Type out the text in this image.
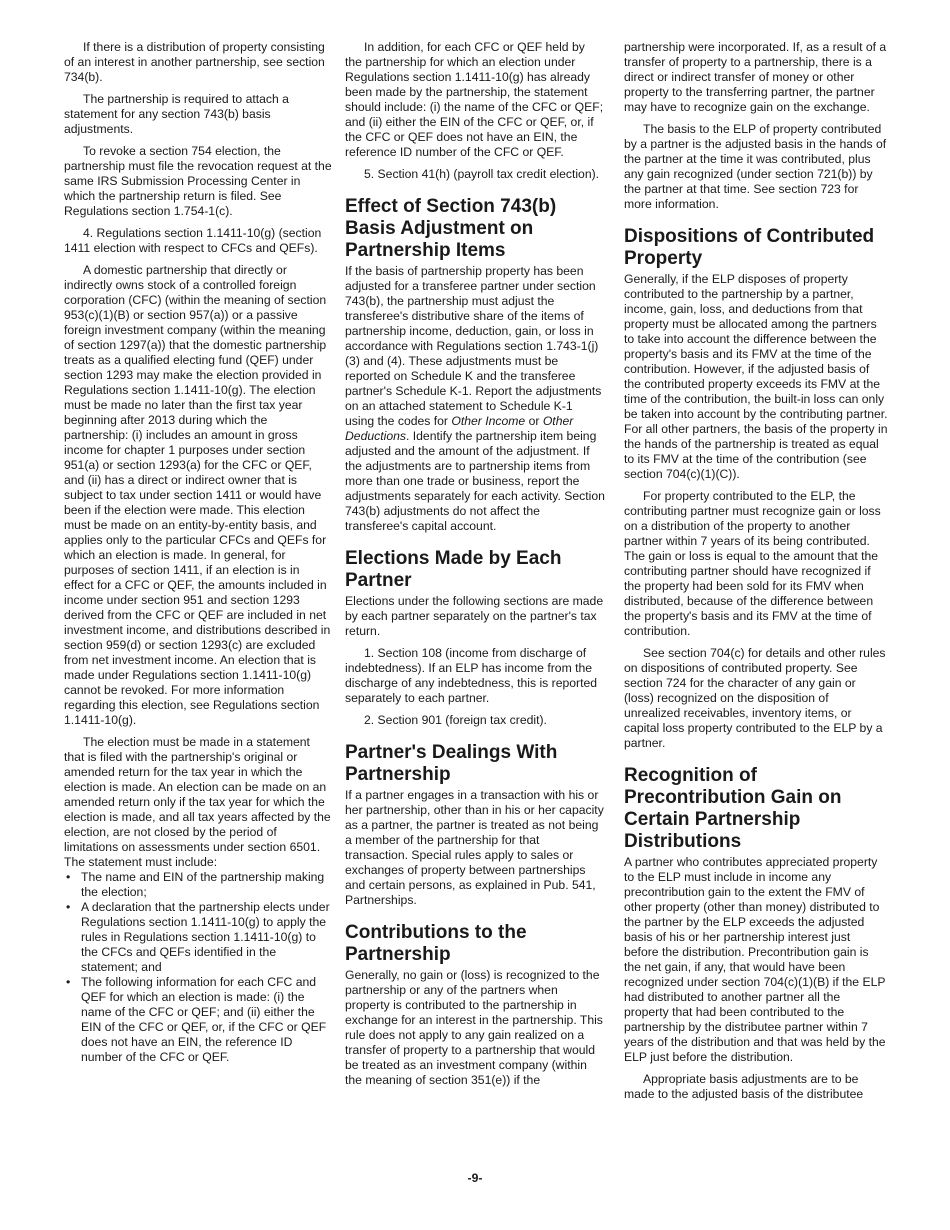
If there is a distribution of property consisting of an interest in another partnership, see section 734(b).

The partnership is required to attach a statement for any section 743(b) basis adjustments.

To revoke a section 754 election, the partnership must file the revocation request at the same IRS Submission Processing Center in which the partnership return is filed. See Regulations section 1.754-1(c).

4. Regulations section 1.1411-10(g) (section 1411 election with respect to CFCs and QEFs).

A domestic partnership that directly or indirectly owns stock of a controlled foreign corporation (CFC) (within the meaning of section 953(c)(1)(B) or section 957(a)) or a passive foreign investment company (within the meaning of section 1297(a)) that the domestic partnership treats as a qualified electing fund (QEF) under section 1293 may make the election provided in Regulations section 1.1411-10(g). The election must be made no later than the first tax year beginning after 2013 during which the partnership: (i) includes an amount in gross income for chapter 1 purposes under section 951(a) or section 1293(a) for the CFC or QEF, and (ii) has a direct or indirect owner that is subject to tax under section 1411 or would have been if the election were made. This election must be made on an entity-by-entity basis, and applies only to the particular CFCs and QEFs for which an election is made. In general, for purposes of section 1411, if an election is in effect for a CFC or QEF, the amounts included in income under section 951 and section 1293 derived from the CFC or QEF are included in net investment income, and distributions described in section 959(d) or section 1293(c) are excluded from net investment income. An election that is made under Regulations section 1.1411-10(g) cannot be revoked. For more information regarding this election, see Regulations section 1.1411-10(g).

The election must be made in a statement that is filed with the partnership's original or amended return for the tax year in which the election is made. An election can be made on an amended return only if the tax year for which the election is made, and all tax years affected by the election, are not closed by the period of limitations on assessments under section 6501. The statement must include:

• The name and EIN of the partnership making the election;
• A declaration that the partnership elects under Regulations section 1.1411-10(g) to apply the rules in Regulations section 1.1411-10(g) to the CFCs and QEFs identified in the statement; and
• The following information for each CFC and QEF for which an election is made: (i) the name of the CFC or QEF; and (ii) either the EIN of the CFC or QEF, or, if the CFC or QEF does not have an EIN, the reference ID number of the CFC or QEF.

In addition, for each CFC or QEF held by the partnership for which an election under Regulations section 1.1411-10(g) has already been made by the partnership, the statement should include: (i) the name of the CFC or QEF; and (ii) either the EIN of the CFC or QEF, or, if the CFC or QEF does not have an EIN, the reference ID number of the CFC or QEF.

5. Section 41(h) (payroll tax credit election).

Effect of Section 743(b) Basis Adjustment on Partnership Items

If the basis of partnership property has been adjusted for a transferee partner under section 743(b), the partnership must adjust the transferee's distributive share of the items of partnership income, deduction, gain, or loss in accordance with Regulations section 1.743-1(j)(3) and (4). These adjustments must be reported on Schedule K and the transferee partner's Schedule K-1. Report the adjustments on an attached statement to Schedule K-1 using the codes for Other Income or Other Deductions. Identify the partnership item being adjusted and the amount of the adjustment. If the adjustments are to partnership items from more than one trade or business, report the adjustments separately for each activity. Section 743(b) adjustments do not affect the transferee's capital account.

Elections Made by Each Partner

Elections under the following sections are made by each partner separately on the partner's tax return.

1. Section 108 (income from discharge of indebtedness). If an ELP has income from the discharge of any indebtedness, this is reported separately to each partner.

2. Section 901 (foreign tax credit).

Partner's Dealings With Partnership

If a partner engages in a transaction with his or her partnership, other than in his or her capacity as a partner, the partner is treated as not being a member of the partnership for that transaction. Special rules apply to sales or exchanges of property between partnerships and certain persons, as explained in Pub. 541, Partnerships.

Contributions to the Partnership

Generally, no gain or (loss) is recognized to the partnership or any of the partners when property is contributed to the partnership in exchange for an interest in the partnership. This rule does not apply to any gain realized on a transfer of property to a partnership that would be treated as an investment company (within the meaning of section 351(e)) if the

partnership were incorporated. If, as a result of a transfer of property to a partnership, there is a direct or indirect transfer of money or other property to the transferring partner, the partner may have to recognize gain on the exchange.

The basis to the ELP of property contributed by a partner is the adjusted basis in the hands of the partner at the time it was contributed, plus any gain recognized (under section 721(b)) by the partner at that time. See section 723 for more information.

Dispositions of Contributed Property

Generally, if the ELP disposes of property contributed to the partnership by a partner, income, gain, loss, and deductions from that property must be allocated among the partners to take into account the difference between the property's basis and its FMV at the time of the contribution. However, if the adjusted basis of the contributed property exceeds its FMV at the time of the contribution, the built-in loss can only be taken into account by the contributing partner. For all other partners, the basis of the property in the hands of the partnership is treated as equal to its FMV at the time of the contribution (see section 704(c)(1)(C)).

For property contributed to the ELP, the contributing partner must recognize gain or loss on a distribution of the property to another partner within 7 years of its being contributed. The gain or loss is equal to the amount that the contributing partner should have recognized if the property had been sold for its FMV when distributed, because of the difference between the property's basis and its FMV at the time of contribution.

See section 704(c) for details and other rules on dispositions of contributed property. See section 724 for the character of any gain or (loss) recognized on the disposition of unrealized receivables, inventory items, or capital loss property contributed to the ELP by a partner.

Recognition of Precontribution Gain on Certain Partnership Distributions

A partner who contributes appreciated property to the ELP must include in income any precontribution gain to the extent the FMV of other property (other than money) distributed to the partner by the ELP exceeds the adjusted basis of his or her partnership interest just before the distribution. Precontribution gain is the net gain, if any, that would have been recognized under section 704(c)(1)(B) if the ELP had distributed to another partner all the property that had been contributed to the partnership by the distributee partner within 7 years of the distribution and that was held by the ELP just before the distribution.

Appropriate basis adjustments are to be made to the adjusted basis of the distributee

-9-
